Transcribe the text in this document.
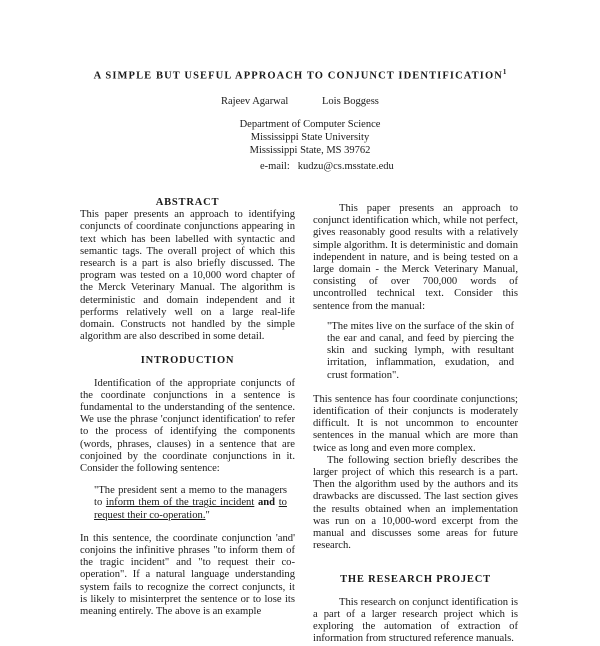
A SIMPLE BUT USEFUL APPROACH TO CONJUNCT IDENTIFICATION$^1$
Rajeev Agarwal	Lois Boggess
Department of Computer Science
Mississippi State University
Mississippi State, MS 39762
e-mail: kudzu@cs.msstate.edu
ABSTRACT

This paper presents an approach to identifying conjuncts of coordinate conjunctions appearing in text which has been labelled with syntactic and semantic tags. The overall project of which this research is a part is also briefly discussed. The program was tested on a 10,000 word chapter of the Merck Veterinary Manual. The algorithm is deterministic and domain independent and it performs relatively well on a large real-life domain. Constructs not handled by the simple algorithm are also described in some detail.

INTRODUCTION

Identification of the appropriate conjuncts of the coordinate conjunctions in a sentence is fundamental to the understanding of the sentence. We use the phrase 'conjunct identification' to refer to the process of identifying the components (words, phrases, clauses) in a sentence that are conjoined by the coordinate conjunctions in it. Consider the following sentence:

"The president sent a memo to the managers to inform them of the tragic incident and to request their co-operation."

In this sentence, the coordinate conjunction 'and' conjoins the infinitive phrases "to inform them of the tragic incident" and "to request their co-operation". If a natural language understanding system fails to recognize the correct conjuncts, it is likely to misinterpret the sentence or to lose its meaning entirely. The above is an example

This paper presents an approach to conjunct identification which, while not perfect, gives reasonably good results with a relatively simple algorithm. It is deterministic and domain independent in nature, and is being tested on a large domain - the Merck Veterinary Manual, consisting of over 700,000 words of uncontrolled technical text. Consider this sentence from the manual:

"The mites live on the surface of the skin of the ear and canal, and feed by piercing the skin and sucking lymph, with resultant irritation, inflammation, exudation, and crust formation".

This sentence has four coordinate conjunctions; identification of their conjuncts is moderately difficult. It is not uncommon to encounter sentences in the manual which are more than twice as long and even more complex.

The following section briefly describes the larger project of which this research is a part. Then the algorithm used by the authors and its drawbacks are discussed. The last section gives the results obtained when an implementation was run on a 10,000-word excerpt from the manual and discusses some areas for future research.

THE RESEARCH PROJECT

This research on conjunct identification is a part of a larger research project which is exploring the automation of extraction of information from structured reference manuals.
